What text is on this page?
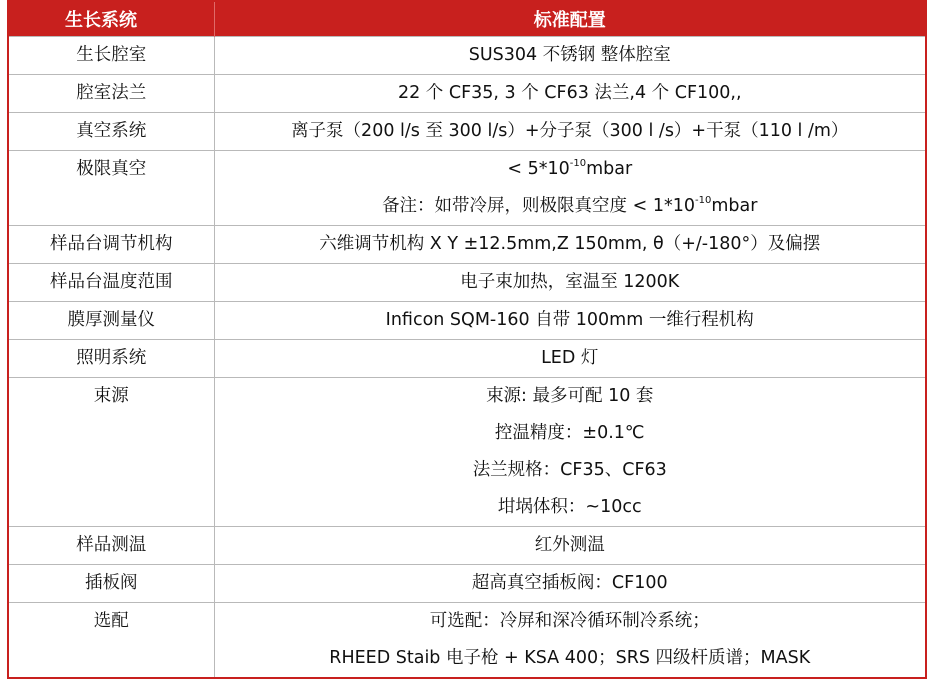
生长系统	标准配置
生长腔室	SUS304 不锈钢 整体腔室

腔室法兰	22 个 CF35, 3 个 CF63 法兰,4 个 CF100,,

真空系统	离子泵（200 l/s 至 300 l/s）+分子泵（300 l /s）+干泵（110 l /m）

极限真空	< $5*10^{-10}mbar$
备注：如带冷屏，则极限真空度 < $1*10^{-10}mbar$

样品台调节机构	六维调节机构 X Y ±12.5mm,Z 150mm, θ（+/-180°）及偏摆

样品台温度范围	电子束加热，室温至 1200K

膜厚测量仪	Inficon SQM-160 自带 100mm 一维行程机构

照明系统	LED 灯

束源	束源: 最多可配 10 套
控温精度：±0.1℃
法兰规格：CF35、CF63
坩埚体积：~10cc

样品测温	红外测温

插板阀	超高真空插板阀：CF100

选配	可选配：冷屏和深冷循环制冷系统；
RHEED Staib 电子枪 + KSA 400；SRS 四级杆质谱；MASK
